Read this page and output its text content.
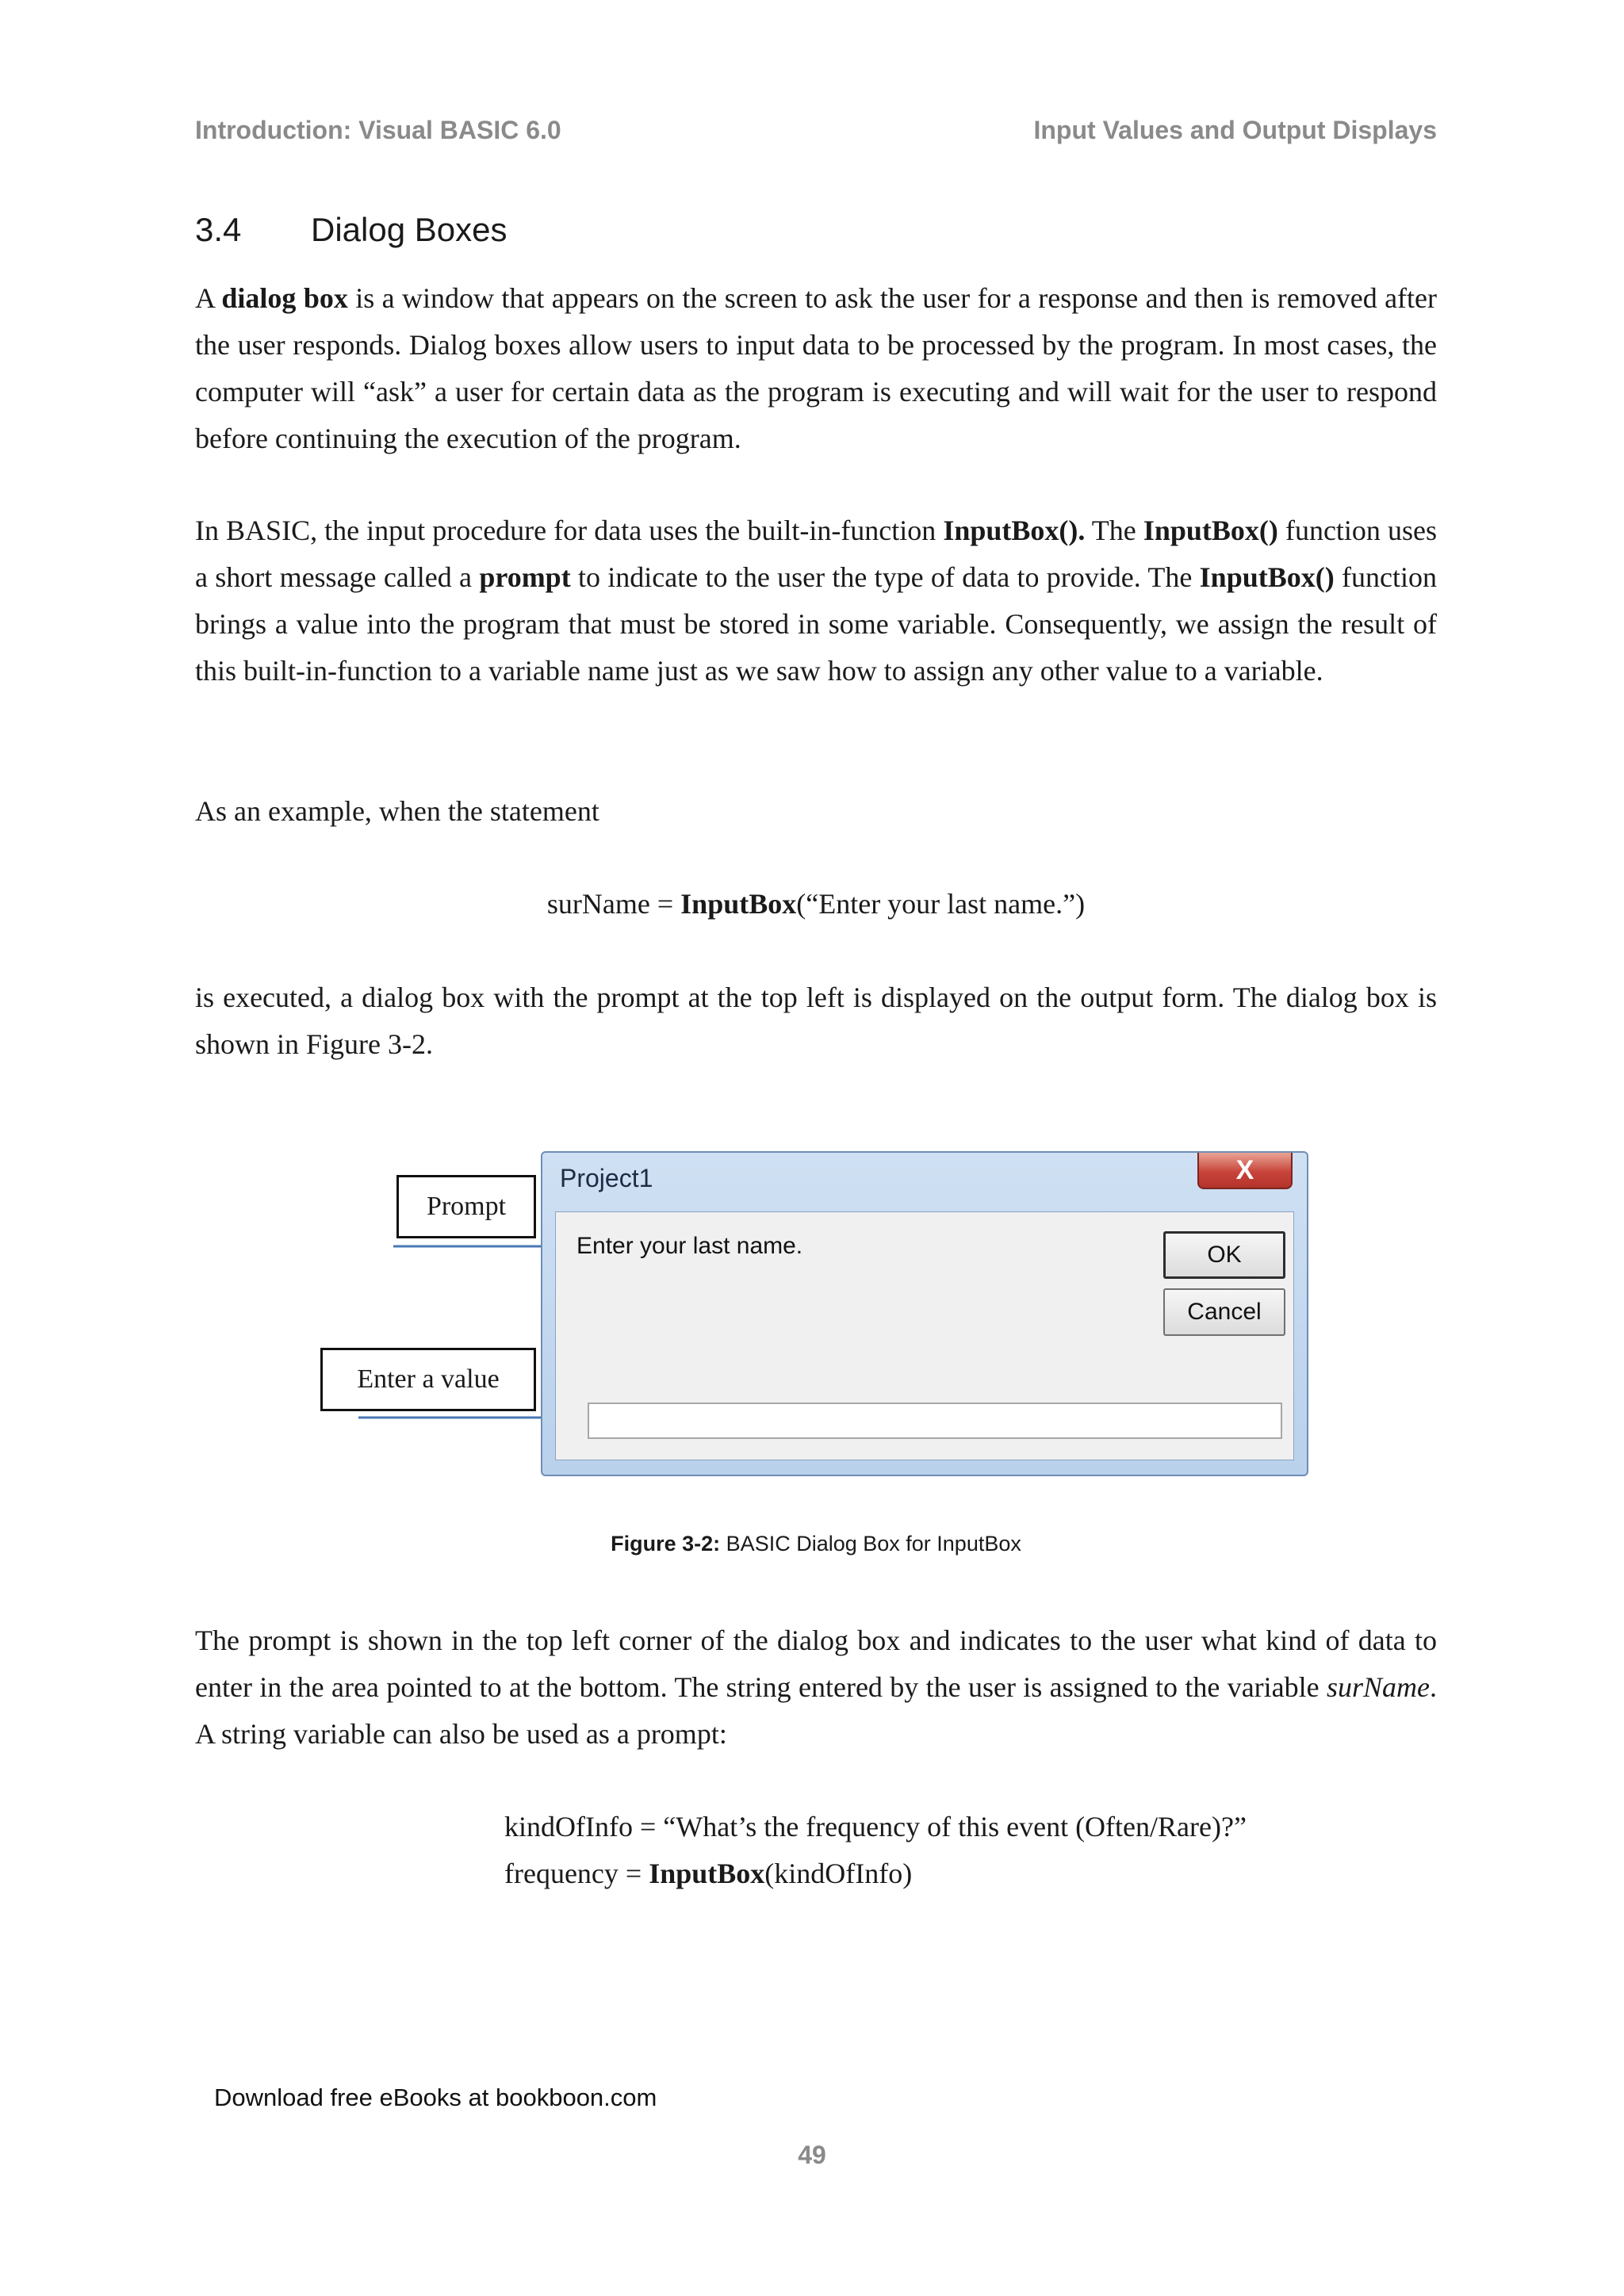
Introduction: Visual BASIC 6.0	Input Values and Output Displays
3.4 Dialog Boxes

A dialog box is a window that appears on the screen to ask the user for a response and then is removed after the user responds. Dialog boxes allow users to input data to be processed by the program. In most cases, the computer will “ask” a user for certain data as the program is executing and will wait for the user to respond before continuing the execution of the program.

In BASIC, the input procedure for data uses the built-in-function InputBox(). The InputBox() function uses a short message called a prompt to indicate to the user the type of data to provide. The InputBox() function brings a value into the program that must be stored in some variable. Consequently, we assign the result of this built-in-function to a variable name just as we saw how to assign any other value to a variable.

As an example, when the statement

surName = InputBox(“Enter your last name.”)

is executed, a dialog box with the prompt at the top left is displayed on the output form. The dialog box is shown in Figure 3-2.

Prompt
Enter a value
Project1	X
Enter your last name.	OK
Cancel
Figure 3-2: BASIC Dialog Box for InputBox

The prompt is shown in the top left corner of the dialog box and indicates to the user what kind of data to enter in the area pointed to at the bottom. The string entered by the user is assigned to the variable surName. A string variable can also be used as a prompt:

kindOfInfo = “What’s the frequency of this event (Often/Rare)?”
frequency = InputBox(kindOfInfo)
Download free eBooks at bookboon.com
49
